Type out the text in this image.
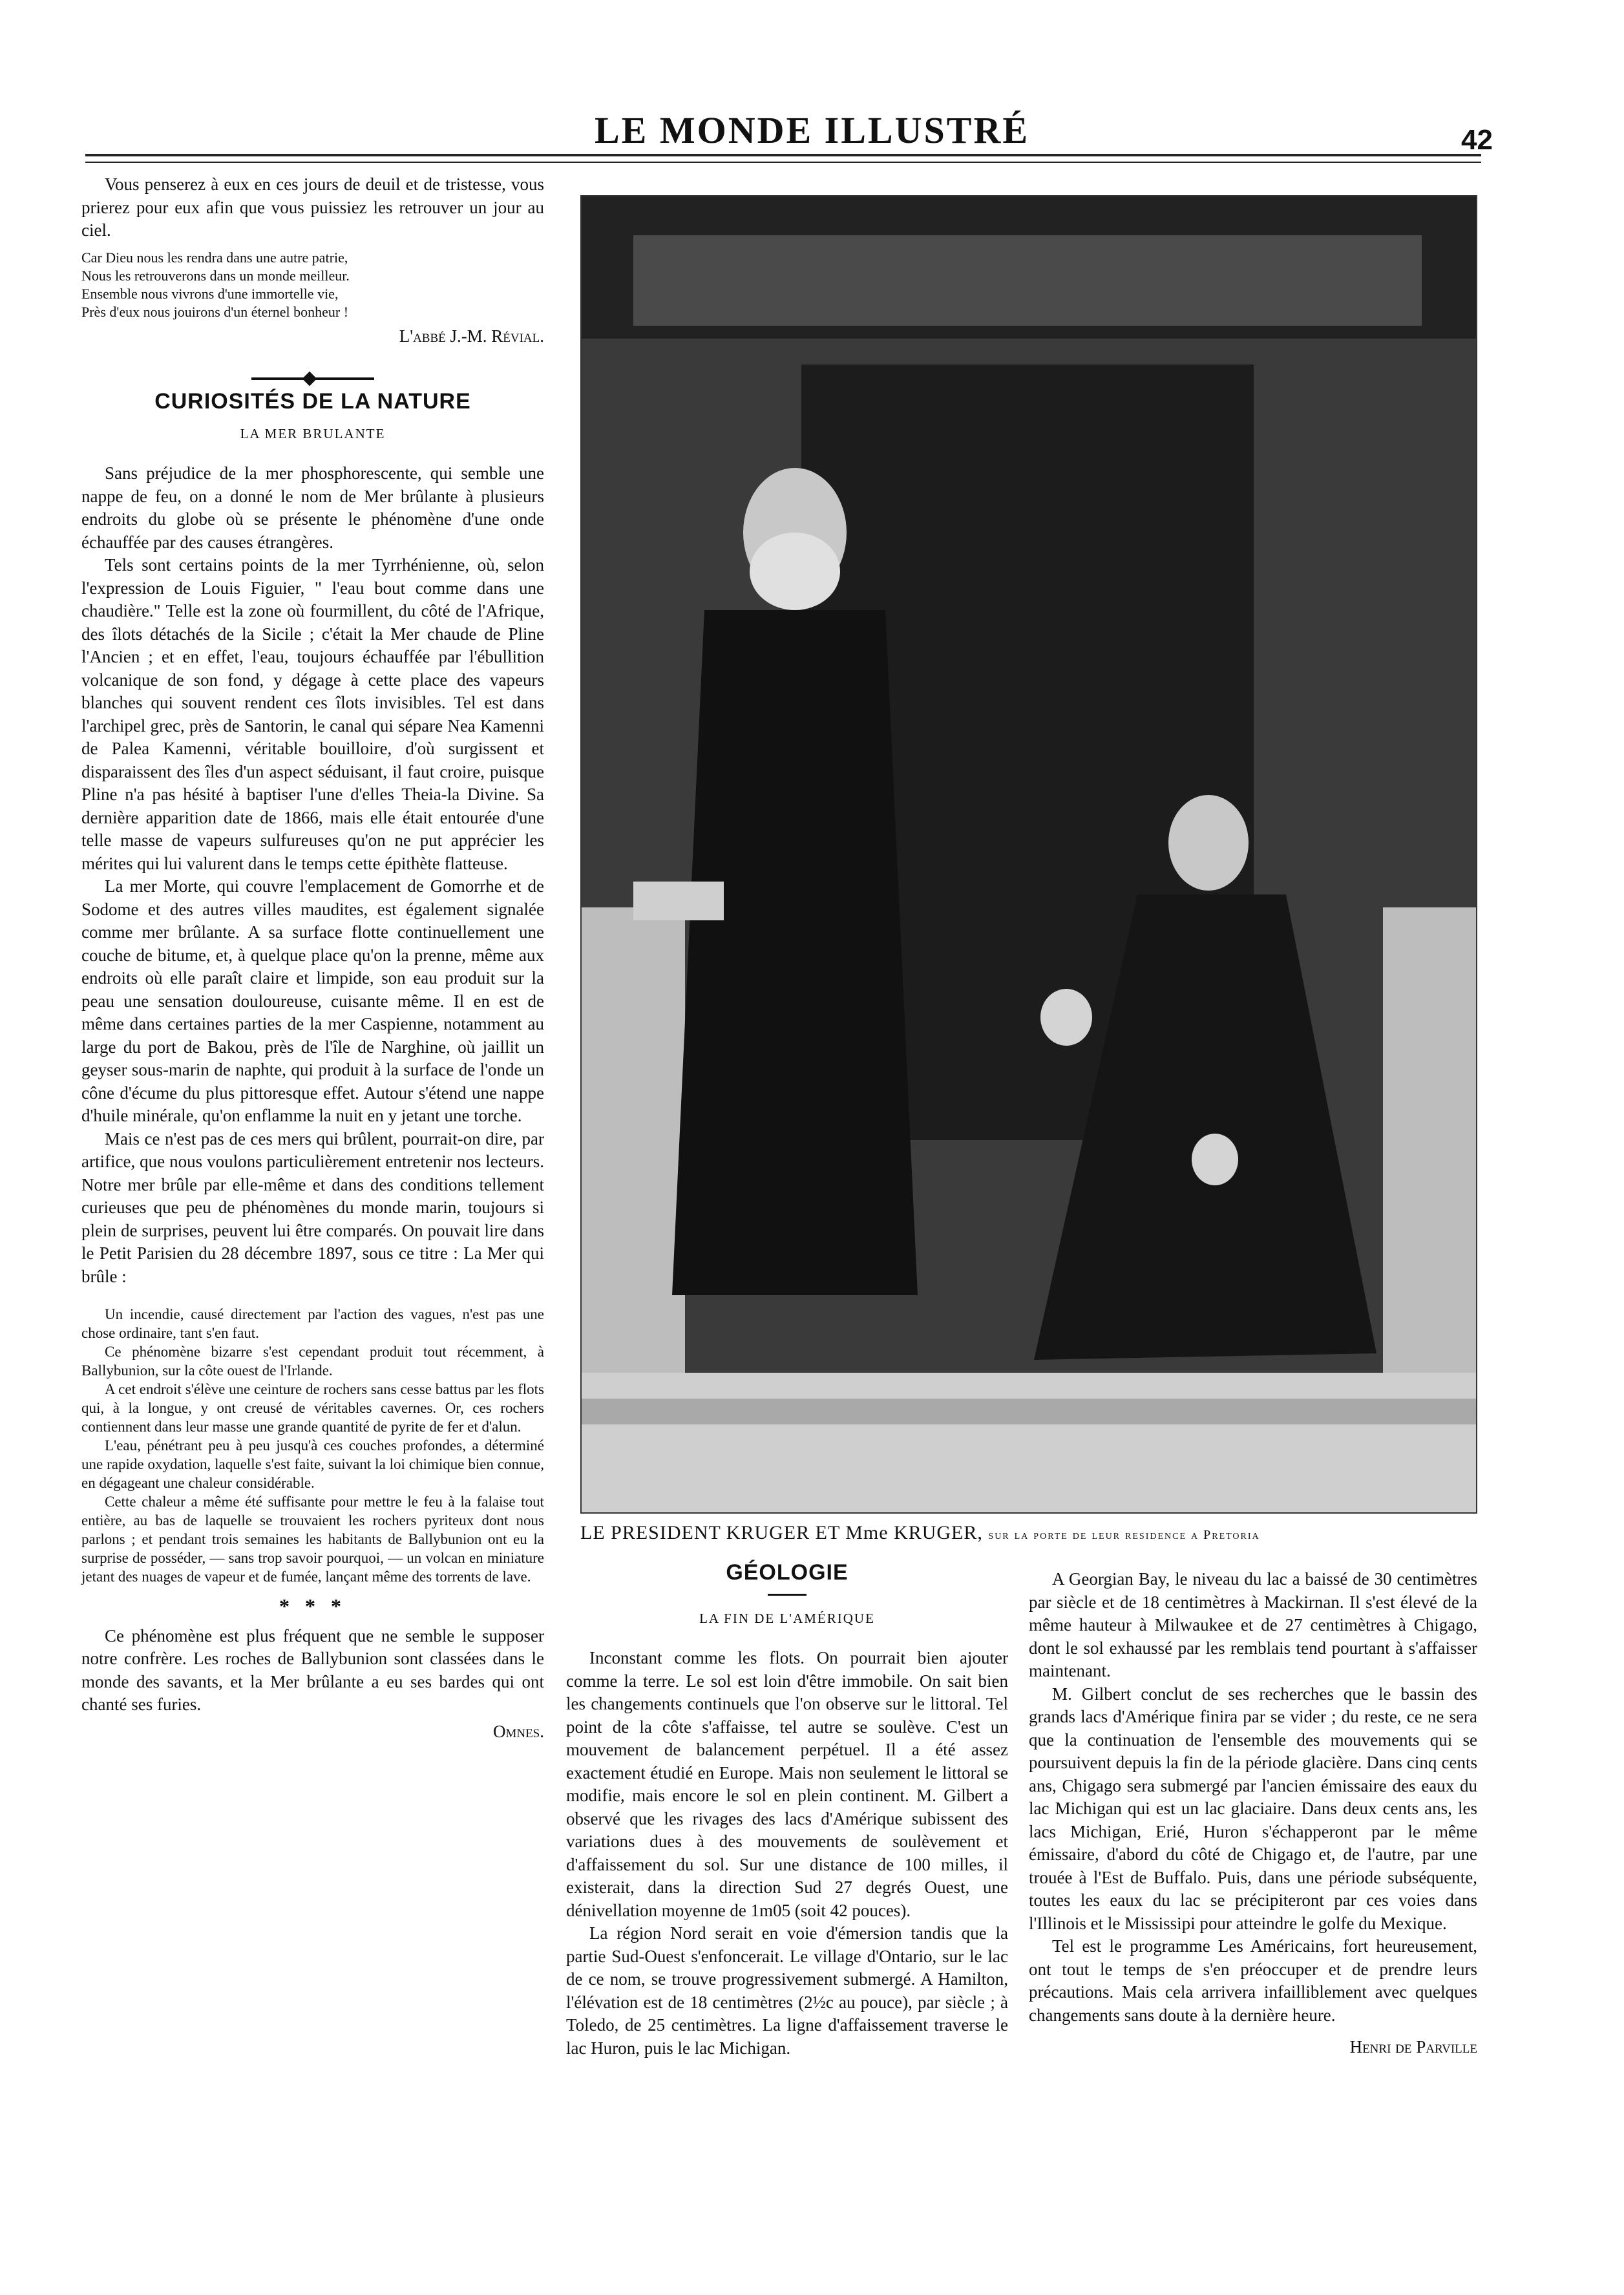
LE MONDE ILLUSTRÉ	42

Vous penserez à eux en ces jours de deuil et de tristesse, vous prierez pour eux afin que vous puissiez les retrouver un jour au ciel.

Car Dieu nous les rendra dans une autre patrie,
Nous les retrouverons dans un monde meilleur.
Ensemble nous vivrons d'une immortelle vie,
Près d'eux nous jouirons d'un éternel bonheur !
L'abbé J.-M. Révial.
CURIOSITÉS DE LA NATURE
LA MER BRULANTE

Sans préjudice de la mer phosphorescente, qui semble une nappe de feu, on a donné le nom de Mer brûlante à plusieurs endroits du globe où se présente le phénomène d'une onde échauffée par des causes étrangères.

Tels sont certains points de la mer Tyrrhénienne, où, selon l'expression de Louis Figuier, " l'eau bout comme dans une chaudière." Telle est la zone où fourmillent, du côté de l'Afrique, des îlots détachés de la Sicile ; c'était la Mer chaude de Pline l'Ancien ; et en effet, l'eau, toujours échauffée par l'ébullition volcanique de son fond, y dégage à cette place des vapeurs blanches qui souvent rendent ces îlots invisibles. Tel est dans l'archipel grec, près de Santorin, le canal qui sépare Nea Kamenni de Palea Kamenni, véritable bouilloire, d'où surgissent et disparaissent des îles d'un aspect séduisant, il faut croire, puisque Pline n'a pas hésité à baptiser l'une d'elles Theia-la Divine. Sa dernière apparition date de 1866, mais elle était entourée d'une telle masse de vapeurs sulfureuses qu'on ne put apprécier les mérites qui lui valurent dans le temps cette épithète flatteuse.

La mer Morte, qui couvre l'emplacement de Gomorrhe et de Sodome et des autres villes maudites, est également signalée comme mer brûlante. A sa surface flotte continuellement une couche de bitume, et, à quelque place qu'on la prenne, même aux endroits où elle paraît claire et limpide, son eau produit sur la peau une sensation douloureuse, cuisante même. Il en est de même dans certaines parties de la mer Caspienne, notamment au large du port de Bakou, près de l'île de Narghine, où jaillit un geyser sous-marin de naphte, qui produit à la surface de l'onde un cône d'écume du plus pittoresque effet. Autour s'étend une nappe d'huile minérale, qu'on enflamme la nuit en y jetant une torche.

Mais ce n'est pas de ces mers qui brûlent, pourrait-on dire, par artifice, que nous voulons particulièrement entretenir nos lecteurs. Notre mer brûle par elle-même et dans des conditions tellement curieuses que peu de phénomènes du monde marin, toujours si plein de surprises, peuvent lui être comparés. On pouvait lire dans le Petit Parisien du 28 décembre 1897, sous ce titre : La Mer qui brûle :

Un incendie, causé directement par l'action des vagues, n'est pas une chose ordinaire, tant s'en faut.

Ce phénomène bizarre s'est cependant produit tout récemment, à Ballybunion, sur la côte ouest de l'Irlande.

A cet endroit s'élève une ceinture de rochers sans cesse battus par les flots qui, à la longue, y ont creusé de véritables cavernes. Or, ces rochers contiennent dans leur masse une grande quantité de pyrite de fer et d'alun.

L'eau, pénétrant peu à peu jusqu'à ces couches profondes, a déterminé une rapide oxydation, laquelle s'est faite, suivant la loi chimique bien connue, en dégageant une chaleur considérable.

Cette chaleur a même été suffisante pour mettre le feu à la falaise tout entière, au bas de laquelle se trouvaient les rochers pyriteux dont nous parlons ; et pendant trois semaines les habitants de Ballybunion ont eu la surprise de posséder, — sans trop savoir pourquoi, — un volcan en miniature jetant des nuages de vapeur et de fumée, lançant même des torrents de lave.

* * *

Ce phénomène est plus fréquent que ne semble le supposer notre confrère. Les roches de Ballybunion sont classées dans le monde des savants, et la Mer brûlante a eu ses bardes qui ont chanté ses furies.

Omnes.
LE PRESIDENT KRUGER ET Mme KRUGER, sur la porte de leur residence a Pretoria
GÉOLOGIE
LA FIN DE L'AMÉRIQUE

Inconstant comme les flots. On pourrait bien ajouter comme la terre. Le sol est loin d'être immobile. On sait bien les changements continuels que l'on observe sur le littoral. Tel point de la côte s'affaisse, tel autre se soulève. C'est un mouvement de balancement perpétuel. Il a été assez exactement étudié en Europe. Mais non seulement le littoral se modifie, mais encore le sol en plein continent. M. Gilbert a observé que les rivages des lacs d'Amérique subissent des variations dues à des mouvements de soulèvement et d'affaissement du sol. Sur une distance de 100 milles, il existerait, dans la direction Sud 27 degrés Ouest, une dénivellation moyenne de 1m05 (soit 42 pouces).

La région Nord serait en voie d'émersion tandis que la partie Sud-Ouest s'enfoncerait. Le village d'Ontario, sur le lac de ce nom, se trouve progressivement submergé. A Hamilton, l'élévation est de 18 centimètres (2½c au pouce), par siècle ; à Toledo, de 25 centimètres. La ligne d'affaissement traverse le lac Huron, puis le lac Michigan.

A Georgian Bay, le niveau du lac a baissé de 30 centimètres par siècle et de 18 centimètres à Mackirnan. Il s'est élevé de la même hauteur à Milwaukee et de 27 centimètres à Chigago, dont le sol exhaussé par les remblais tend pourtant à s'affaisser maintenant.

M. Gilbert conclut de ses recherches que le bassin des grands lacs d'Amérique finira par se vider ; du reste, ce ne sera que la continuation de l'ensemble des mouvements qui se poursuivent depuis la fin de la période glacière. Dans cinq cents ans, Chigago sera submergé par l'ancien émissaire des eaux du lac Michigan qui est un lac glaciaire. Dans deux cents ans, les lacs Michigan, Erié, Huron s'échapperont par le même émissaire, d'abord du côté de Chigago et, de l'autre, par une trouée à l'Est de Buffalo. Puis, dans une période subséquente, toutes les eaux du lac se précipiteront par ces voies dans l'Illinois et le Mississipi pour atteindre le golfe du Mexique.

Tel est le programme Les Américains, fort heureusement, ont tout le temps de s'en préoccuper et de prendre leurs précautions. Mais cela arrivera infailliblement avec quelques changements sans doute à la dernière heure.

Henri de Parville
